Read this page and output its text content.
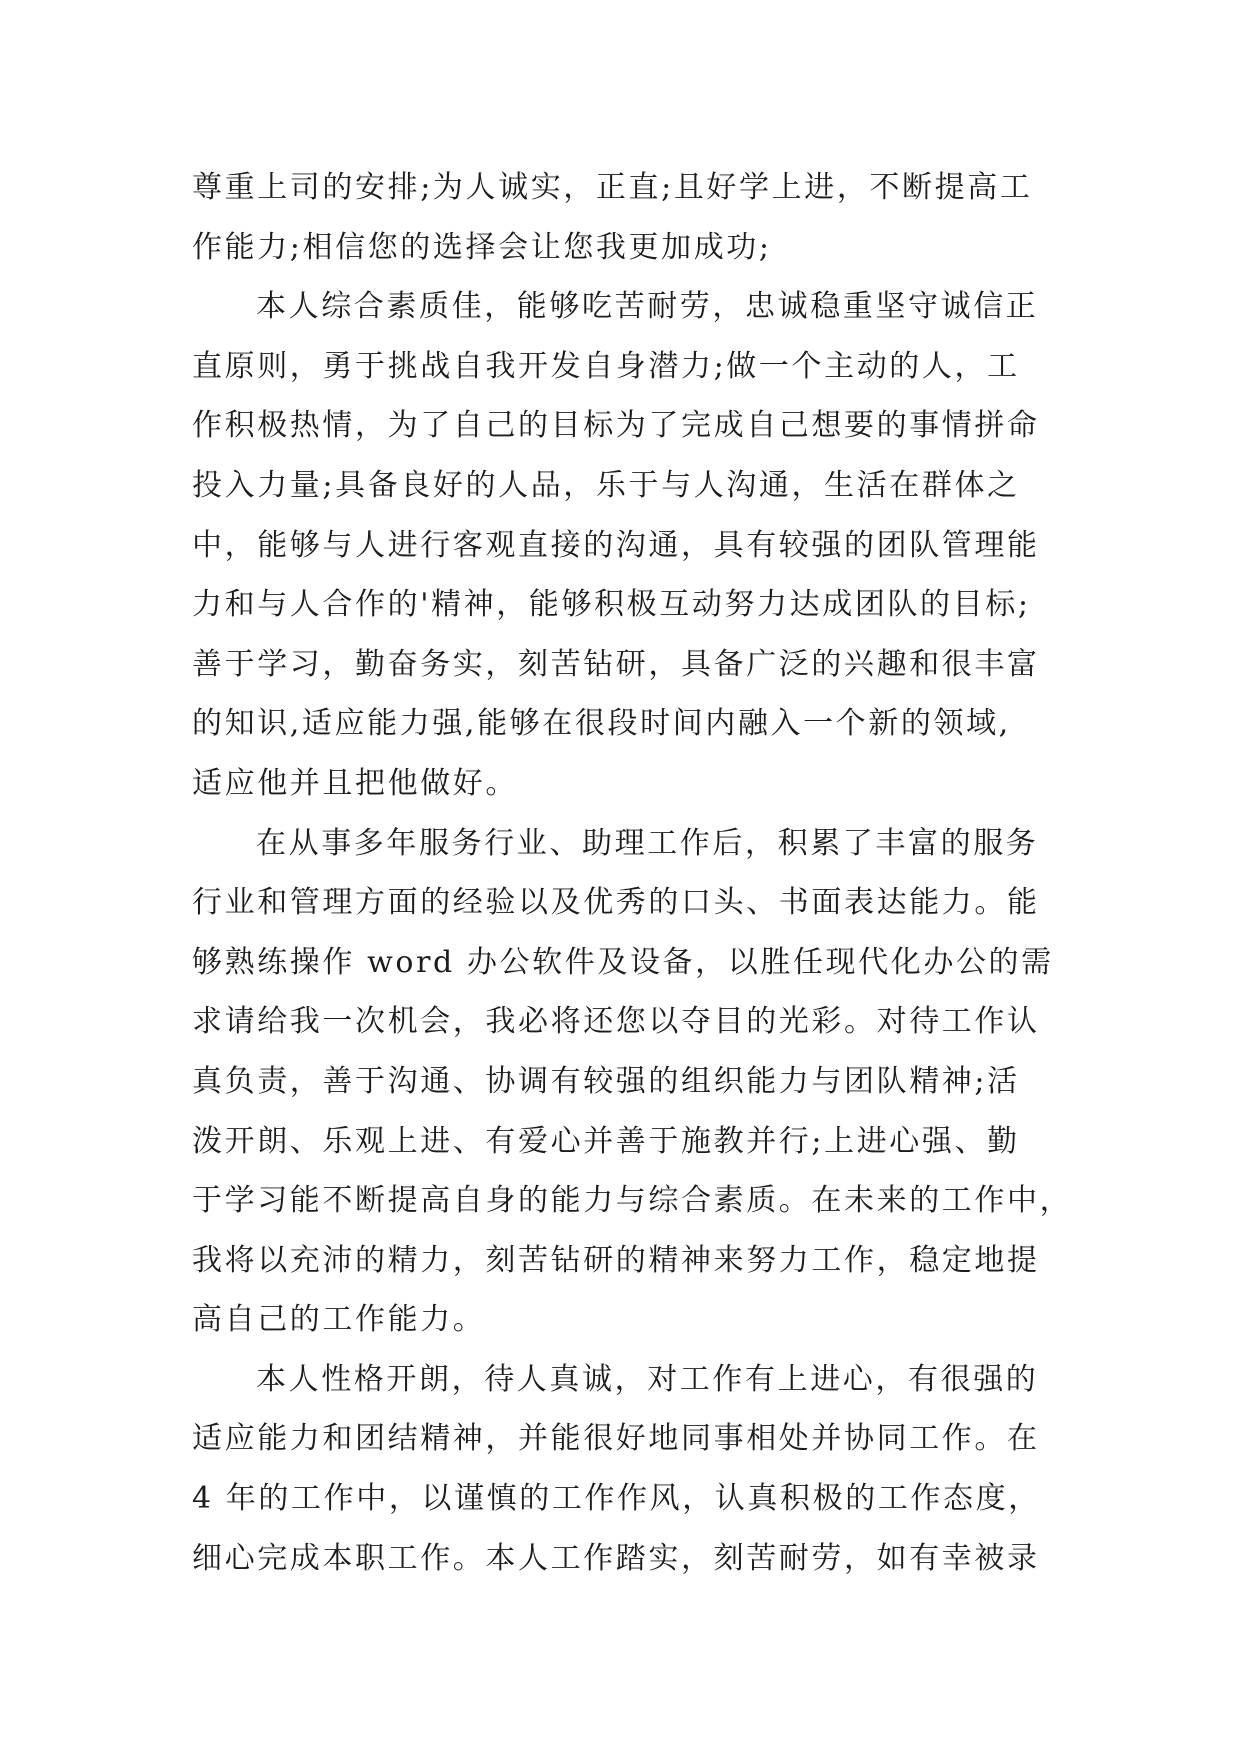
尊重上司的安排;为人诚实，正直;且好学上进，不断提高工
作能力;相信您的选择会让您我更加成功;
本人综合素质佳，能够吃苦耐劳，忠诚稳重坚守诚信正
直原则，勇于挑战自我开发自身潜力;做一个主动的人，工
作积极热情，为了自己的目标为了完成自己想要的事情拼命
投入力量;具备良好的人品，乐于与人沟通，生活在群体之
中，能够与人进行客观直接的沟通，具有较强的团队管理能
力和与人合作的'精神，能够积极互动努力达成团队的目标;
善于学习，勤奋务实，刻苦钻研，具备广泛的兴趣和很丰富
的知识,适应能力强,能够在很段时间内融入一个新的领域,
适应他并且把他做好。
在从事多年服务行业、助理工作后，积累了丰富的服务
行业和管理方面的经验以及优秀的口头、书面表达能力。能
够熟练操作 word 办公软件及设备，以胜任现代化办公的需
求请给我一次机会，我必将还您以夺目的光彩。对待工作认
真负责，善于沟通、协调有较强的组织能力与团队精神;活
泼开朗、乐观上进、有爱心并善于施教并行;上进心强、勤
于学习能不断提高自身的能力与综合素质。在未来的工作中，
我将以充沛的精力，刻苦钻研的精神来努力工作，稳定地提
高自己的工作能力。
本人性格开朗，待人真诚，对工作有上进心，有很强的
适应能力和团结精神，并能很好地同事相处并协同工作。在
4 年的工作中，以谨慎的工作作风，认真积极的工作态度，
细心完成本职工作。本人工作踏实，刻苦耐劳，如有幸被录
